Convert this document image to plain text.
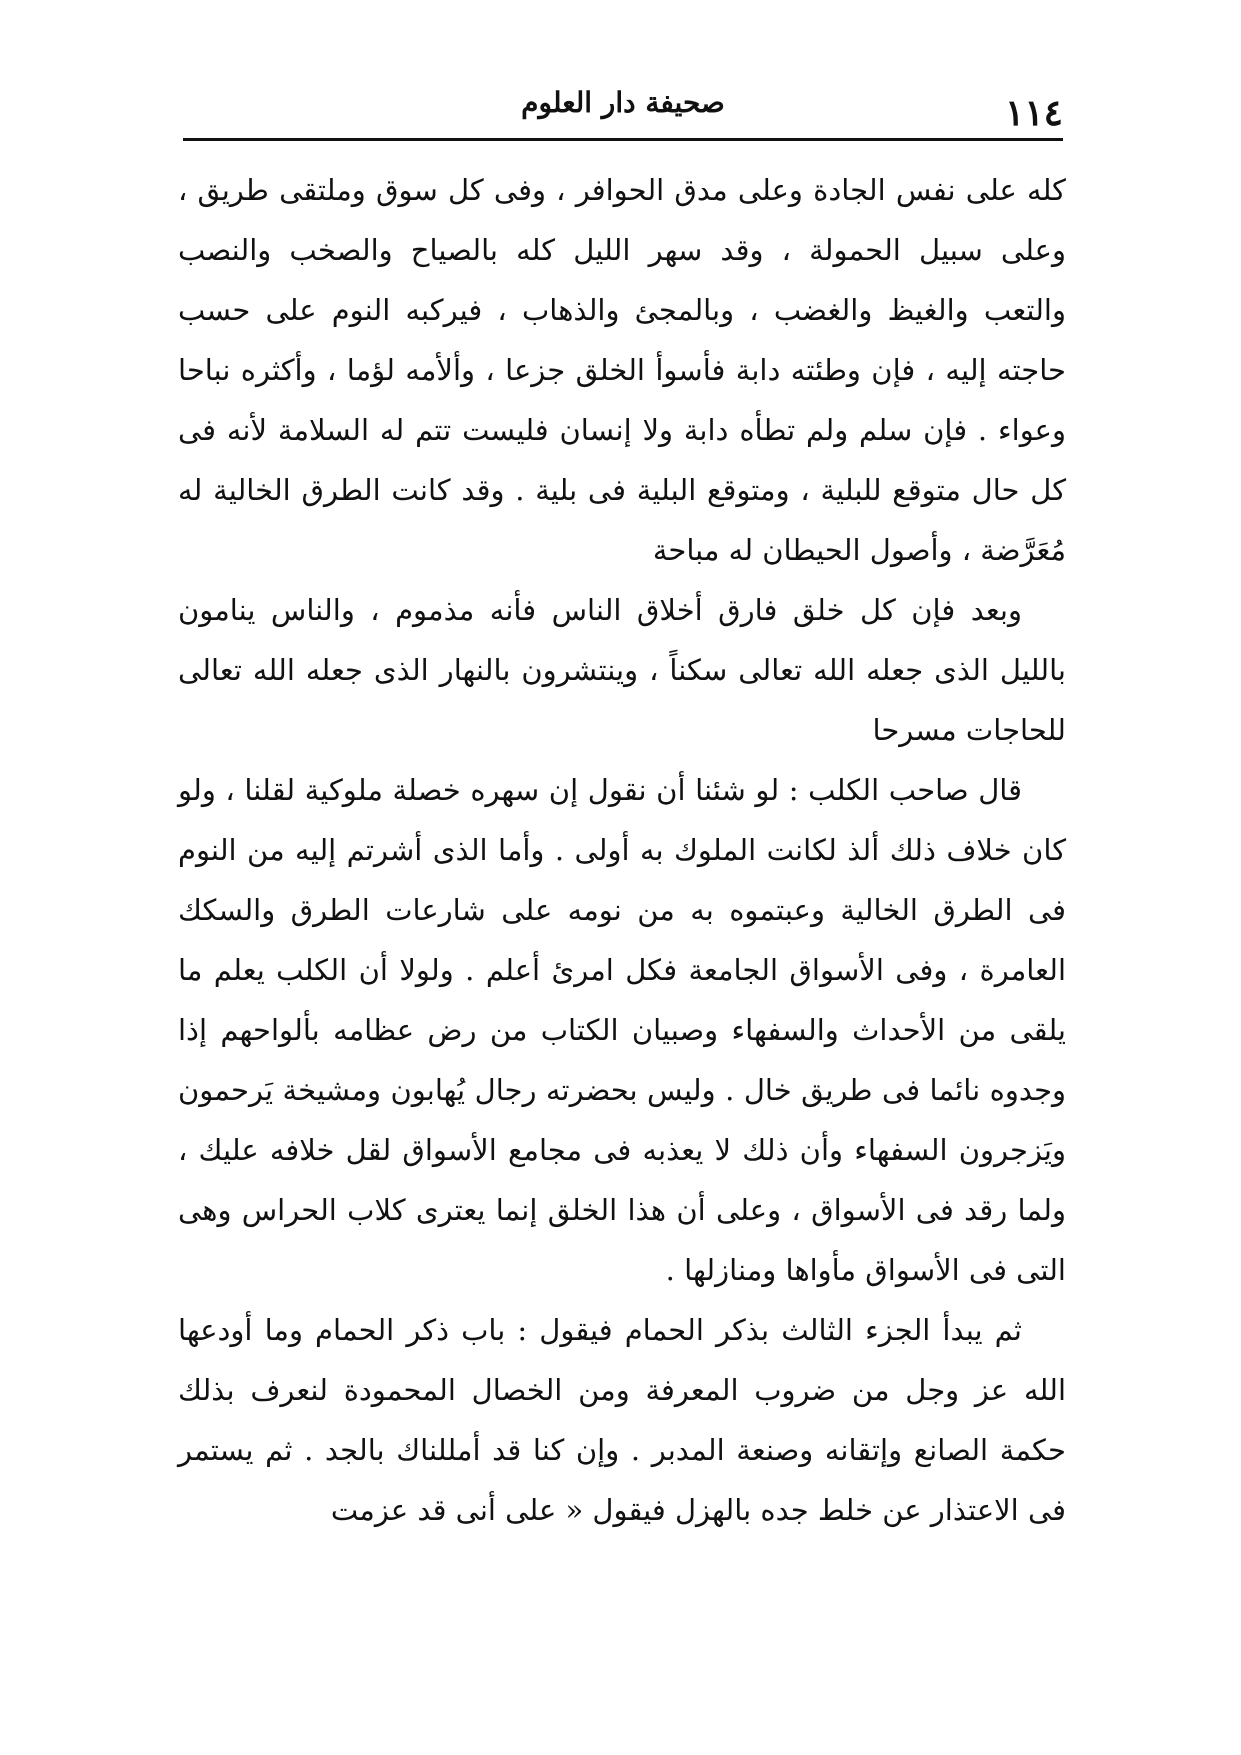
١١٤
صحيفة دار العلوم

كله على نفس الجادة وعلى مدق الحوافر ، وفى كل سوق وملتقى طريق ، وعلى سبيل الحمولة ، وقد سهر الليل كله بالصياح والصخب والنصب والتعب والغيظ والغضب ، وبالمجئ والذهاب ، فيركبه النوم على حسب حاجته إليه ، فإن وطئته دابة فأسوأ الخلق جزعا ، وألأمه لؤما ، وأكثره نباحا وعواء . فإن سلم ولم تطأه دابة ولا إنسان فليست تتم له السلامة لأنه فى كل حال متوقع للبلية ، ومتوقع البلية فى بلية . وقد كانت الطرق الخالية له مُعَرَّضة ، وأصول الحيطان له مباحة

وبعد فإن كل خلق فارق أخلاق الناس فأنه مذموم ، والناس ينامون بالليل الذى جعله الله تعالى سكناً ، وينتشرون بالنهار الذى جعله الله تعالى للحاجات مسرحا

قال صاحب الكلب : لو شئنا أن نقول إن سهره خصلة ملوكية لقلنا ، ولو كان خلاف ذلك ألذ لكانت الملوك به أولى . وأما الذى أشرتم إليه من النوم فى الطرق الخالية وعبتموه به من نومه على شارعات الطرق والسكك العامرة ، وفى الأسواق الجامعة فكل امرئ أعلم . ولولا أن الكلب يعلم ما يلقى من الأحداث والسفهاء وصبيان الكتاب من رض عظامه بألواحهم إذا وجدوه نائما فى طريق خال . وليس بحضرته رجال يُهابون ومشيخة يَرحمون ويَزجرون السفهاء وأن ذلك لا يعذبه فى مجامع الأسواق لقل خلافه عليك ، ولما رقد فى الأسواق ، وعلى أن هذا الخلق إنما يعترى كلاب الحراس وهى التى فى الأسواق مأواها ومنازلها .

ثم يبدأ الجزء الثالث بذكر الحمام فيقول : باب ذكر الحمام وما أودعها الله عز وجل من ضروب المعرفة ومن الخصال المحمودة لنعرف بذلك حكمة الصانع وإتقانه وصنعة المدبر . وإن كنا قد أمللناك بالجد . ثم يستمر فى الاعتذار عن خلط جده بالهزل فيقول « على أنى قد عزمت
